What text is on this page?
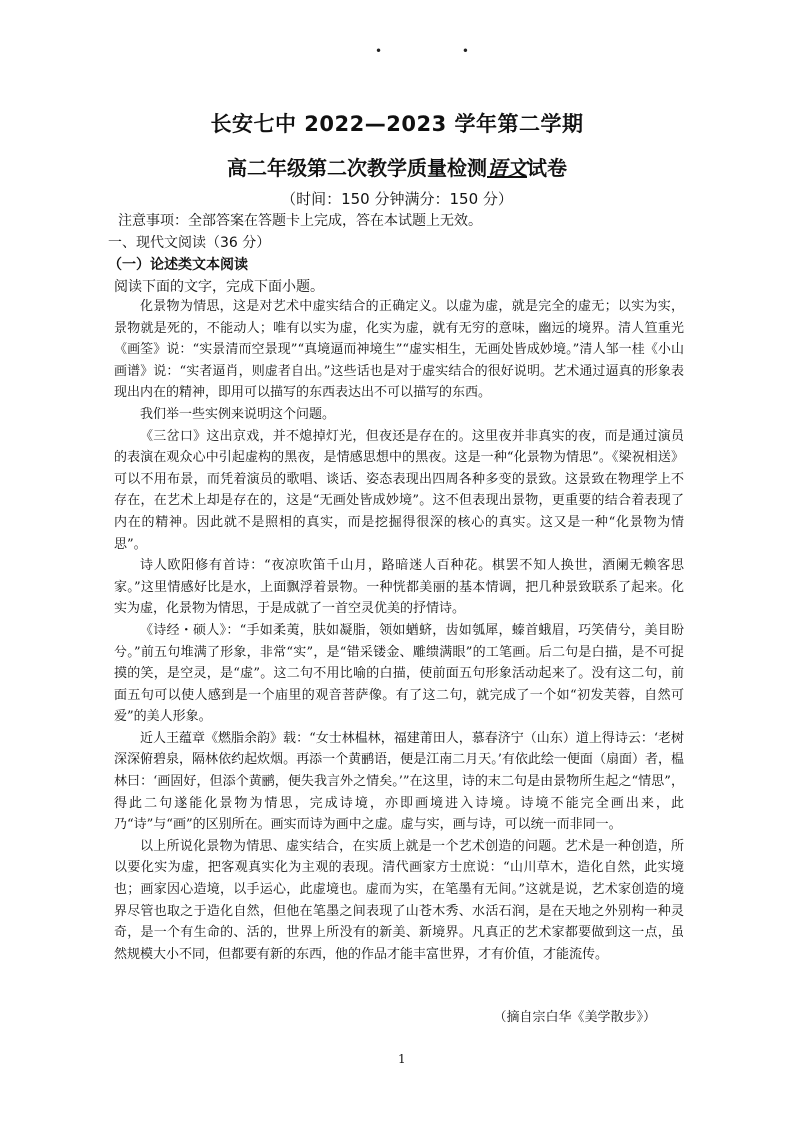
• •
长安七中 2022—2023 学年第二学期
高二年级第二次教学质量检测语文试卷
（时间：150 分钟满分：150 分）
注意事项：全部答案在答题卡上完成，答在本试题上无效。
一、现代文阅读（36 分）
（一）论述类文本阅读
阅读下面的文字，完成下面小题。

化景物为情思，这是对艺术中虚实结合的正确定义。以虚为虚，就是完全的虚无；以实为实，景物就是死的，不能动人；唯有以实为虚，化实为虚，就有无穷的意味，幽远的境界。清人笪重光《画筌》说：“实景清而空景现”“真境逼而神境生”“虚实相生，无画处皆成妙境。”清人邹一桂《小山画谱》说：“实者逼肖，则虚者自出。”这些话也是对于虚实结合的很好说明。艺术通过逼真的形象表现出内在的精神，即用可以描写的东西表达出不可以描写的东西。

我们举一些实例来说明这个问题。

《三岔口》这出京戏，并不熄掉灯光，但夜还是存在的。这里夜并非真实的夜，而是通过演员的表演在观众心中引起虚构的黑夜，是情感思想中的黑夜。这是一种“化景物为情思”。《梁祝相送》可以不用布景，而凭着演员的歌唱、谈话、姿态表现出四周各种多变的景致。这景致在物理学上不存在，在艺术上却是存在的，这是“无画处皆成妙境”。这不但表现出景物，更重要的结合着表现了内在的精神。因此就不是照相的真实，而是挖掘得很深的核心的真实。这又是一种“化景物为情思”。

诗人欧阳修有首诗：“夜凉吹笛千山月，路暗迷人百种花。棋罢不知人换世，酒阑无赖客思家。”这里情感好比是水，上面飘浮着景物。一种恍都美丽的基本情调，把几种景致联系了起来。化实为虚，化景物为情思，于是成就了一首空灵优美的抒情诗。

《诗经・硕人》：“手如柔荑，肤如凝脂，领如蝤蛴，齿如瓠犀，螓首蛾眉，巧笑倩兮，美目盼兮。”前五句堆满了形象，非常“实”，是“错采镂金、雕缋满眼”的工笔画。后二句是白描，是不可捉摸的笑，是空灵，是“虚”。这二句不用比喻的白描，使前面五句形象活动起来了。没有这二句，前面五句可以使人感到是一个庙里的观音菩萨像。有了这二句，就完成了一个如“初发芙蓉，自然可爱”的美人形象。

近人王蕴章《燃脂余韵》载：“女士林榅林，福建莆田人，慕春济宁（山东）道上得诗云：‘老树深深俯碧泉，隔林依约起炊烟。再添一个黄鹂语，便是江南二月天。’有依此绘一便面（扇面）者，榅林曰：‘画固好，但添个黄鹂，便失我言外之情矣。’”在这里，诗的末二句是由景物所生起之“情思”，得此二句遂能化景物为情思，完成诗境，亦即画境进入诗境。诗境不能完全画出来，此乃“诗”与“画”的区别所在。画实而诗为画中之虚。虚与实，画与诗，可以统一而非同一。

以上所说化景物为情思、虚实结合，在实质上就是一个艺术创造的问题。艺术是一种创造，所以要化实为虚，把客观真实化为主观的表现。清代画家方士庶说：“山川草木，造化自然，此实境也；画家因心造境，以手运心，此虚境也。虚而为实，在笔墨有无间。”这就是说，艺术家创造的境界尽管也取之于造化自然，但他在笔墨之间表现了山苍木秀、水活石润，是在天地之外别构一种灵奇，是一个有生命的、活的，世界上所没有的新美、新境界。凡真正的艺术家都要做到这一点，虽然规模大小不同，但都要有新的东西，他的作品才能丰富世界，才有价值，才能流传。

（摘自宗白华《美学散步》）
1
